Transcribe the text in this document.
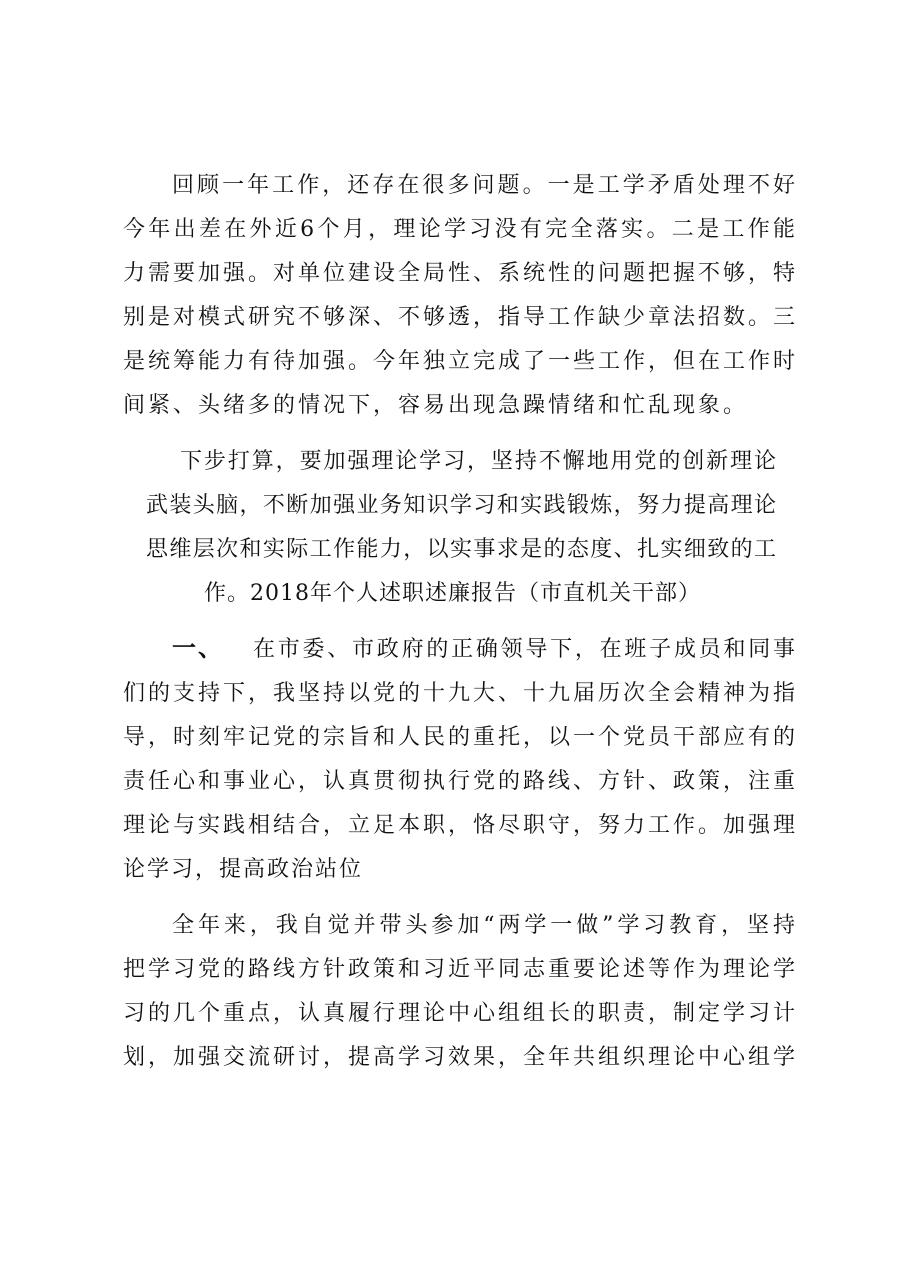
回顾一年工作，还存在很多问题。一是工学矛盾处理不好
今年出差在外近6个月，理论学习没有完全落实。二是工作能
力需要加强。对单位建设全局性、系统性的问题把握不够，特
别是对模式研究不够深、不够透，指导工作缺少章法招数。三
是统筹能力有待加强。今年独立完成了一些工作，但在工作时
间紧、头绪多的情况下，容易出现急躁情绪和忙乱现象。
下步打算，要加强理论学习，坚持不懈地用党的创新理论
武装头脑，不断加强业务知识学习和实践锻炼，努力提高理论
思维层次和实际工作能力，以实事求是的态度、扎实细致的工
作。2018年个人述职述廉报告（市直机关干部）
一、 在市委、市政府的正确领导下，在班子成员和同事
们的支持下，我坚持以党的十九大、十九届历次全会精神为指
导，时刻牢记党的宗旨和人民的重托，以一个党员干部应有的
责任心和事业心，认真贯彻执行党的路线、方针、政策，注重
理论与实践相结合，立足本职，恪尽职守，努力工作。加强理
论学习，提高政治站位
全年来，我自觉并带头参加“两学一做”学习教育，坚持
把学习党的路线方针政策和习近平同志重要论述等作为理论学
习的几个重点，认真履行理论中心组组长的职责，制定学习计
划，加强交流研讨，提高学习效果，全年共组织理论中心组学
